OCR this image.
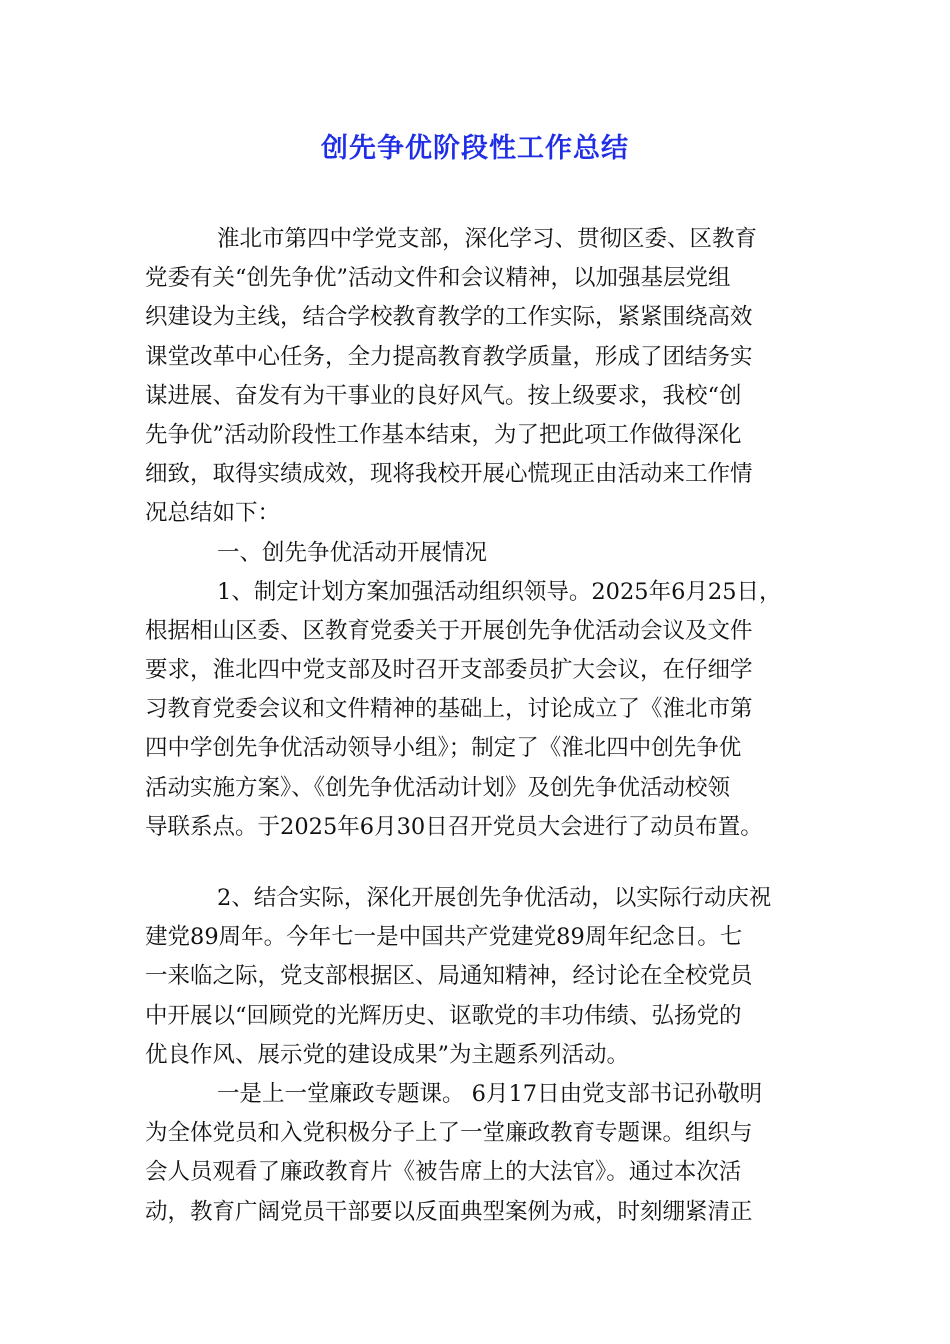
创先争优阶段性工作总结
淮北市第四中学党支部，深化学习、贯彻区委、区教育
党委有关“创先争优”活动文件和会议精神，以加强基层党组
织建设为主线，结合学校教育教学的工作实际，紧紧围绕高效
课堂改革中心任务，全力提高教育教学质量，形成了团结务实
谋进展、奋发有为干事业的良好风气。按上级要求，我校“创
先争优”活动阶段性工作基本结束，为了把此项工作做得深化
细致，取得实绩成效，现将我校开展心慌现正由活动来工作情
况总结如下：
一、创先争优活动开展情况
1、制定计划方案加强活动组织领导。2025年6月25日，
根据相山区委、区教育党委关于开展创先争优活动会议及文件
要求，淮北四中党支部及时召开支部委员扩大会议，在仔细学
习教育党委会议和文件精神的基础上，讨论成立了《淮北市第
四中学创先争优活动领导小组》；制定了《淮北四中创先争优
活动实施方案》、《创先争优活动计划》及创先争优活动校领
导联系点。于2025年6月30日召开党员大会进行了动员布置。
2、结合实际，深化开展创先争优活动，以实际行动庆祝
建党89周年。今年七一是中国共产党建党89周年纪念日。七
一来临之际，党支部根据区、局通知精神，经讨论在全校党员
中开展以“回顾党的光辉历史、讴歌党的丰功伟绩、弘扬党的
优良作风、展示党的建设成果”为主题系列活动。
一是上一堂廉政专题课。 6月17日由党支部书记孙敬明
为全体党员和入党积极分子上了一堂廉政教育专题课。组织与
会人员观看了廉政教育片《被告席上的大法官》。通过本次活
动，教育广阔党员干部要以反面典型案例为戒，时刻绷紧清正
